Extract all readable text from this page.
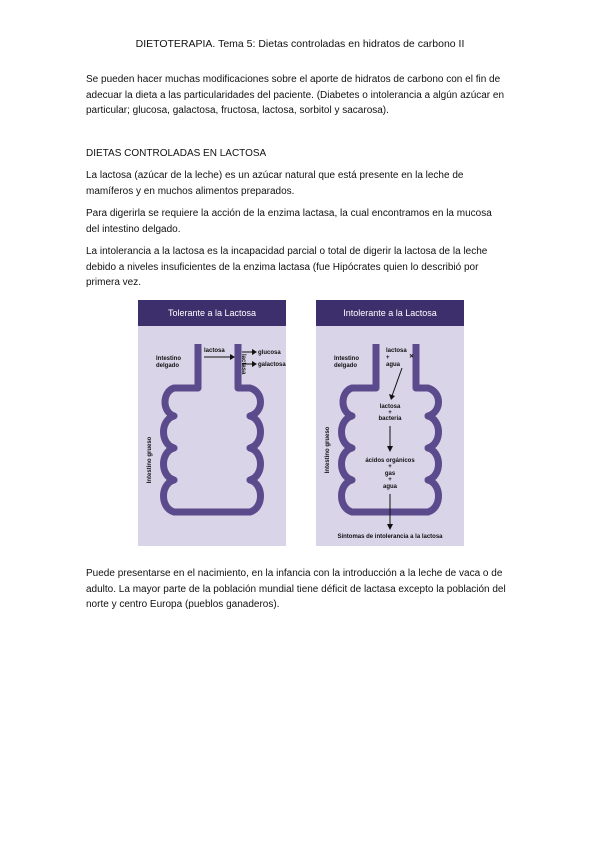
DIETOTERAPIA. Tema 5: Dietas controladas en hidratos de carbono II

Se pueden hacer muchas modificaciones sobre el aporte de hidratos de carbono con el fin de adecuar la dieta a las particularidades del paciente. (Diabetes o intolerancia a algún azúcar en particular; glucosa, galactosa, fructosa, lactosa, sorbitol y sacarosa).

DIETAS CONTROLADAS EN LACTOSA

La lactosa (azúcar de la leche) es un azúcar natural que está presente en la leche de mamíferos y en muchos alimentos preparados.

Para digerirla se requiere la acción de la enzima lactasa, la cual encontramos en la mucosa del intestino delgado.

La intolerancia a la lactosa es la incapacidad parcial o total de digerir la lactosa de la leche debido a niveles insuficientes de la enzima lactasa (fue Hipócrates quien lo describió por primera vez.

Tolerante a la Lactosa
Intestino
delgado
lactosa
lactasa
glucosa
galactosa
Intestino grueso
Intolerante a la Lactosa
Intestino
delgado
lactosa
+
agua
✕
lactosa
+
bacteria
ácidos orgánicos
+
gas
+
agua
Síntomas de intolerancia a la lactosa
Intestino grueso

Puede presentarse en el nacimiento, en la infancia con la introducción a la leche de vaca o de adulto. La mayor parte de la población mundial tiene déficit de lactasa excepto la población del norte y centro Europa (pueblos ganaderos).
